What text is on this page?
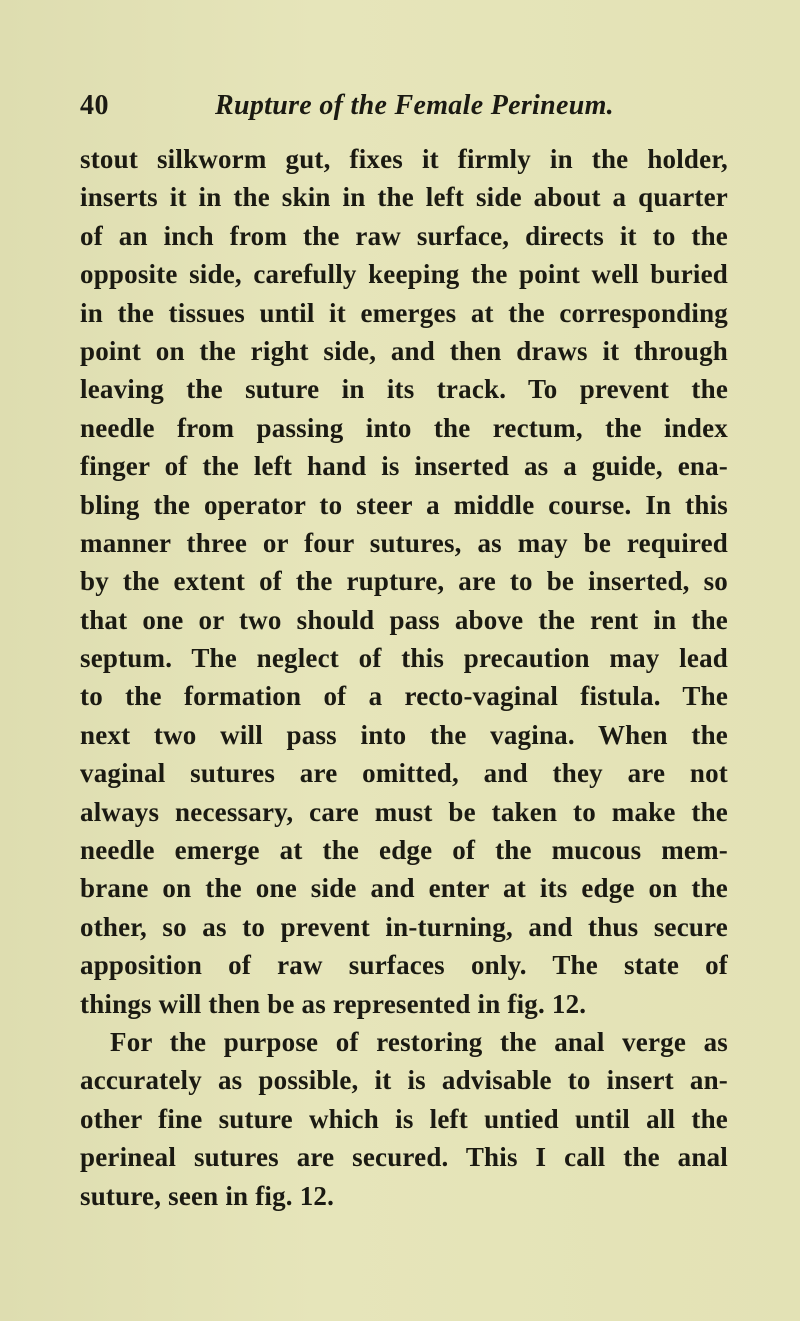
40	Rupture of the Female Perineum.
stout silkworm gut, fixes it firmly in the holder,
inserts it in the skin in the left side about a quarter
of an inch from the raw surface, directs it to the
opposite side, carefully keeping the point well buried
in the tissues until it emerges at the corresponding
point on the right side, and then draws it through
leaving the suture in its track. To prevent the
needle from passing into the rectum, the index
finger of the left hand is inserted as a guide, ena-
bling the operator to steer a middle course. In this
manner three or four sutures, as may be required
by the extent of the rupture, are to be inserted, so
that one or two should pass above the rent in the
septum. The neglect of this precaution may lead
to the formation of a recto-vaginal fistula. The
next two will pass into the vagina. When the
vaginal sutures are omitted, and they are not
always necessary, care must be taken to make the
needle emerge at the edge of the mucous mem-
brane on the one side and enter at its edge on the
other, so as to prevent in-turning, and thus secure
apposition of raw surfaces only. The state of
things will then be as represented in fig. 12.
For the purpose of restoring the anal verge as
accurately as possible, it is advisable to insert an-
other fine suture which is left untied until all the
perineal sutures are secured. This I call the anal
suture, seen in fig. 12.
